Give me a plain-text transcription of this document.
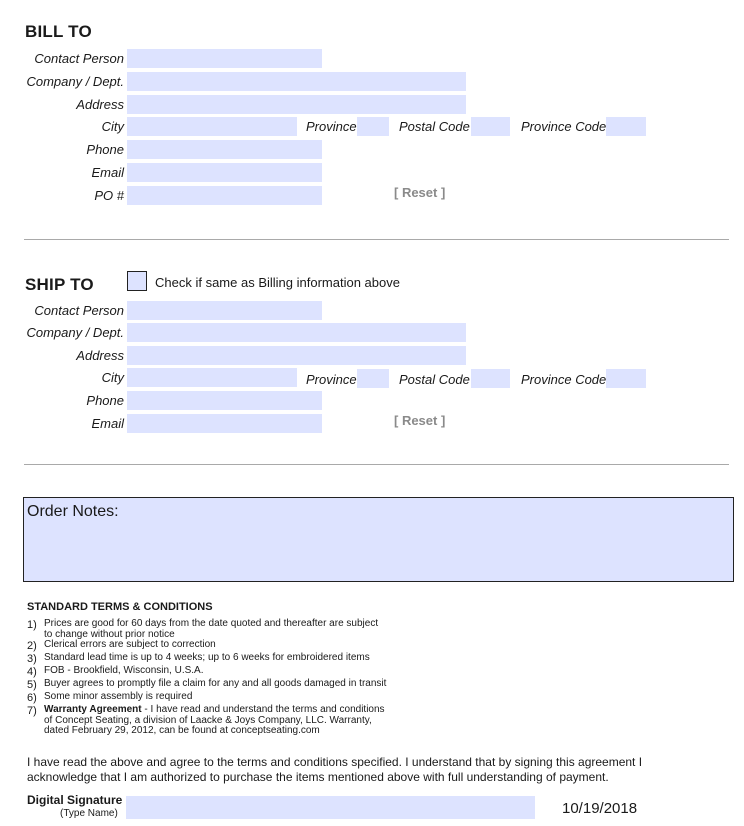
BILL TO
Contact Person
Company / Dept.
Address
City	Province	Postal Code	Province Code
Phone
Email
PO #	[ Reset ]
SHIP TO	Check if same as Billing information above
Contact Person
Company / Dept.
Address
City	Province	Postal Code	Province Code
Phone
Email	[ Reset ]
Order Notes:
STANDARD TERMS & CONDITIONS
1) Prices are good for 60 days from the date quoted and thereafter are subject
to change without prior notice
2) Clerical errors are subject to correction
3) Standard lead time is up to 4 weeks; up to 6 weeks for embroidered items
4) FOB - Brookfield, Wisconsin, U.S.A.
5) Buyer agrees to promptly file a claim for any and all goods damaged in transit
6) Some minor assembly is required
7) Warranty Agreement - I have read and understand the terms and conditions
of Concept Seating, a division of Laacke & Joys Company, LLC. Warranty,
dated February 29, 2012, can be found at conceptseating.com
I have read the above and agree to the terms and conditions specified. I understand that by signing this agreement I
acknowledge that I am authorized to purchase the items mentioned above with full understanding of payment.
Digital Signature
(Type Name)	10/19/2018
